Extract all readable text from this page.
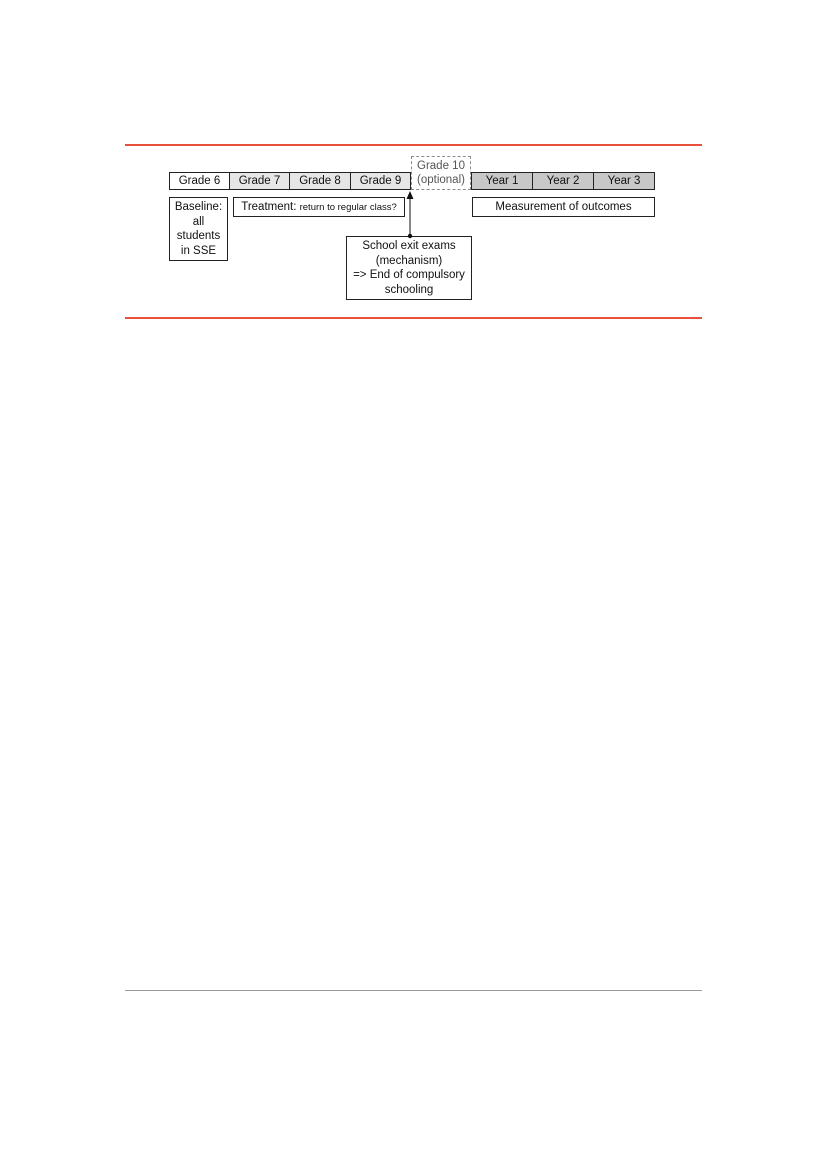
Grade 6	Grade 7	Grade 8	Grade 9
Grade 10
(optional)	Year 1	Year 2	Year 3
Baseline:
all
students
in SSE
Treatment:
return to regular class?	Measurement of outcomes
School exit exams
(mechanism)
=> End of compulsory
schooling
